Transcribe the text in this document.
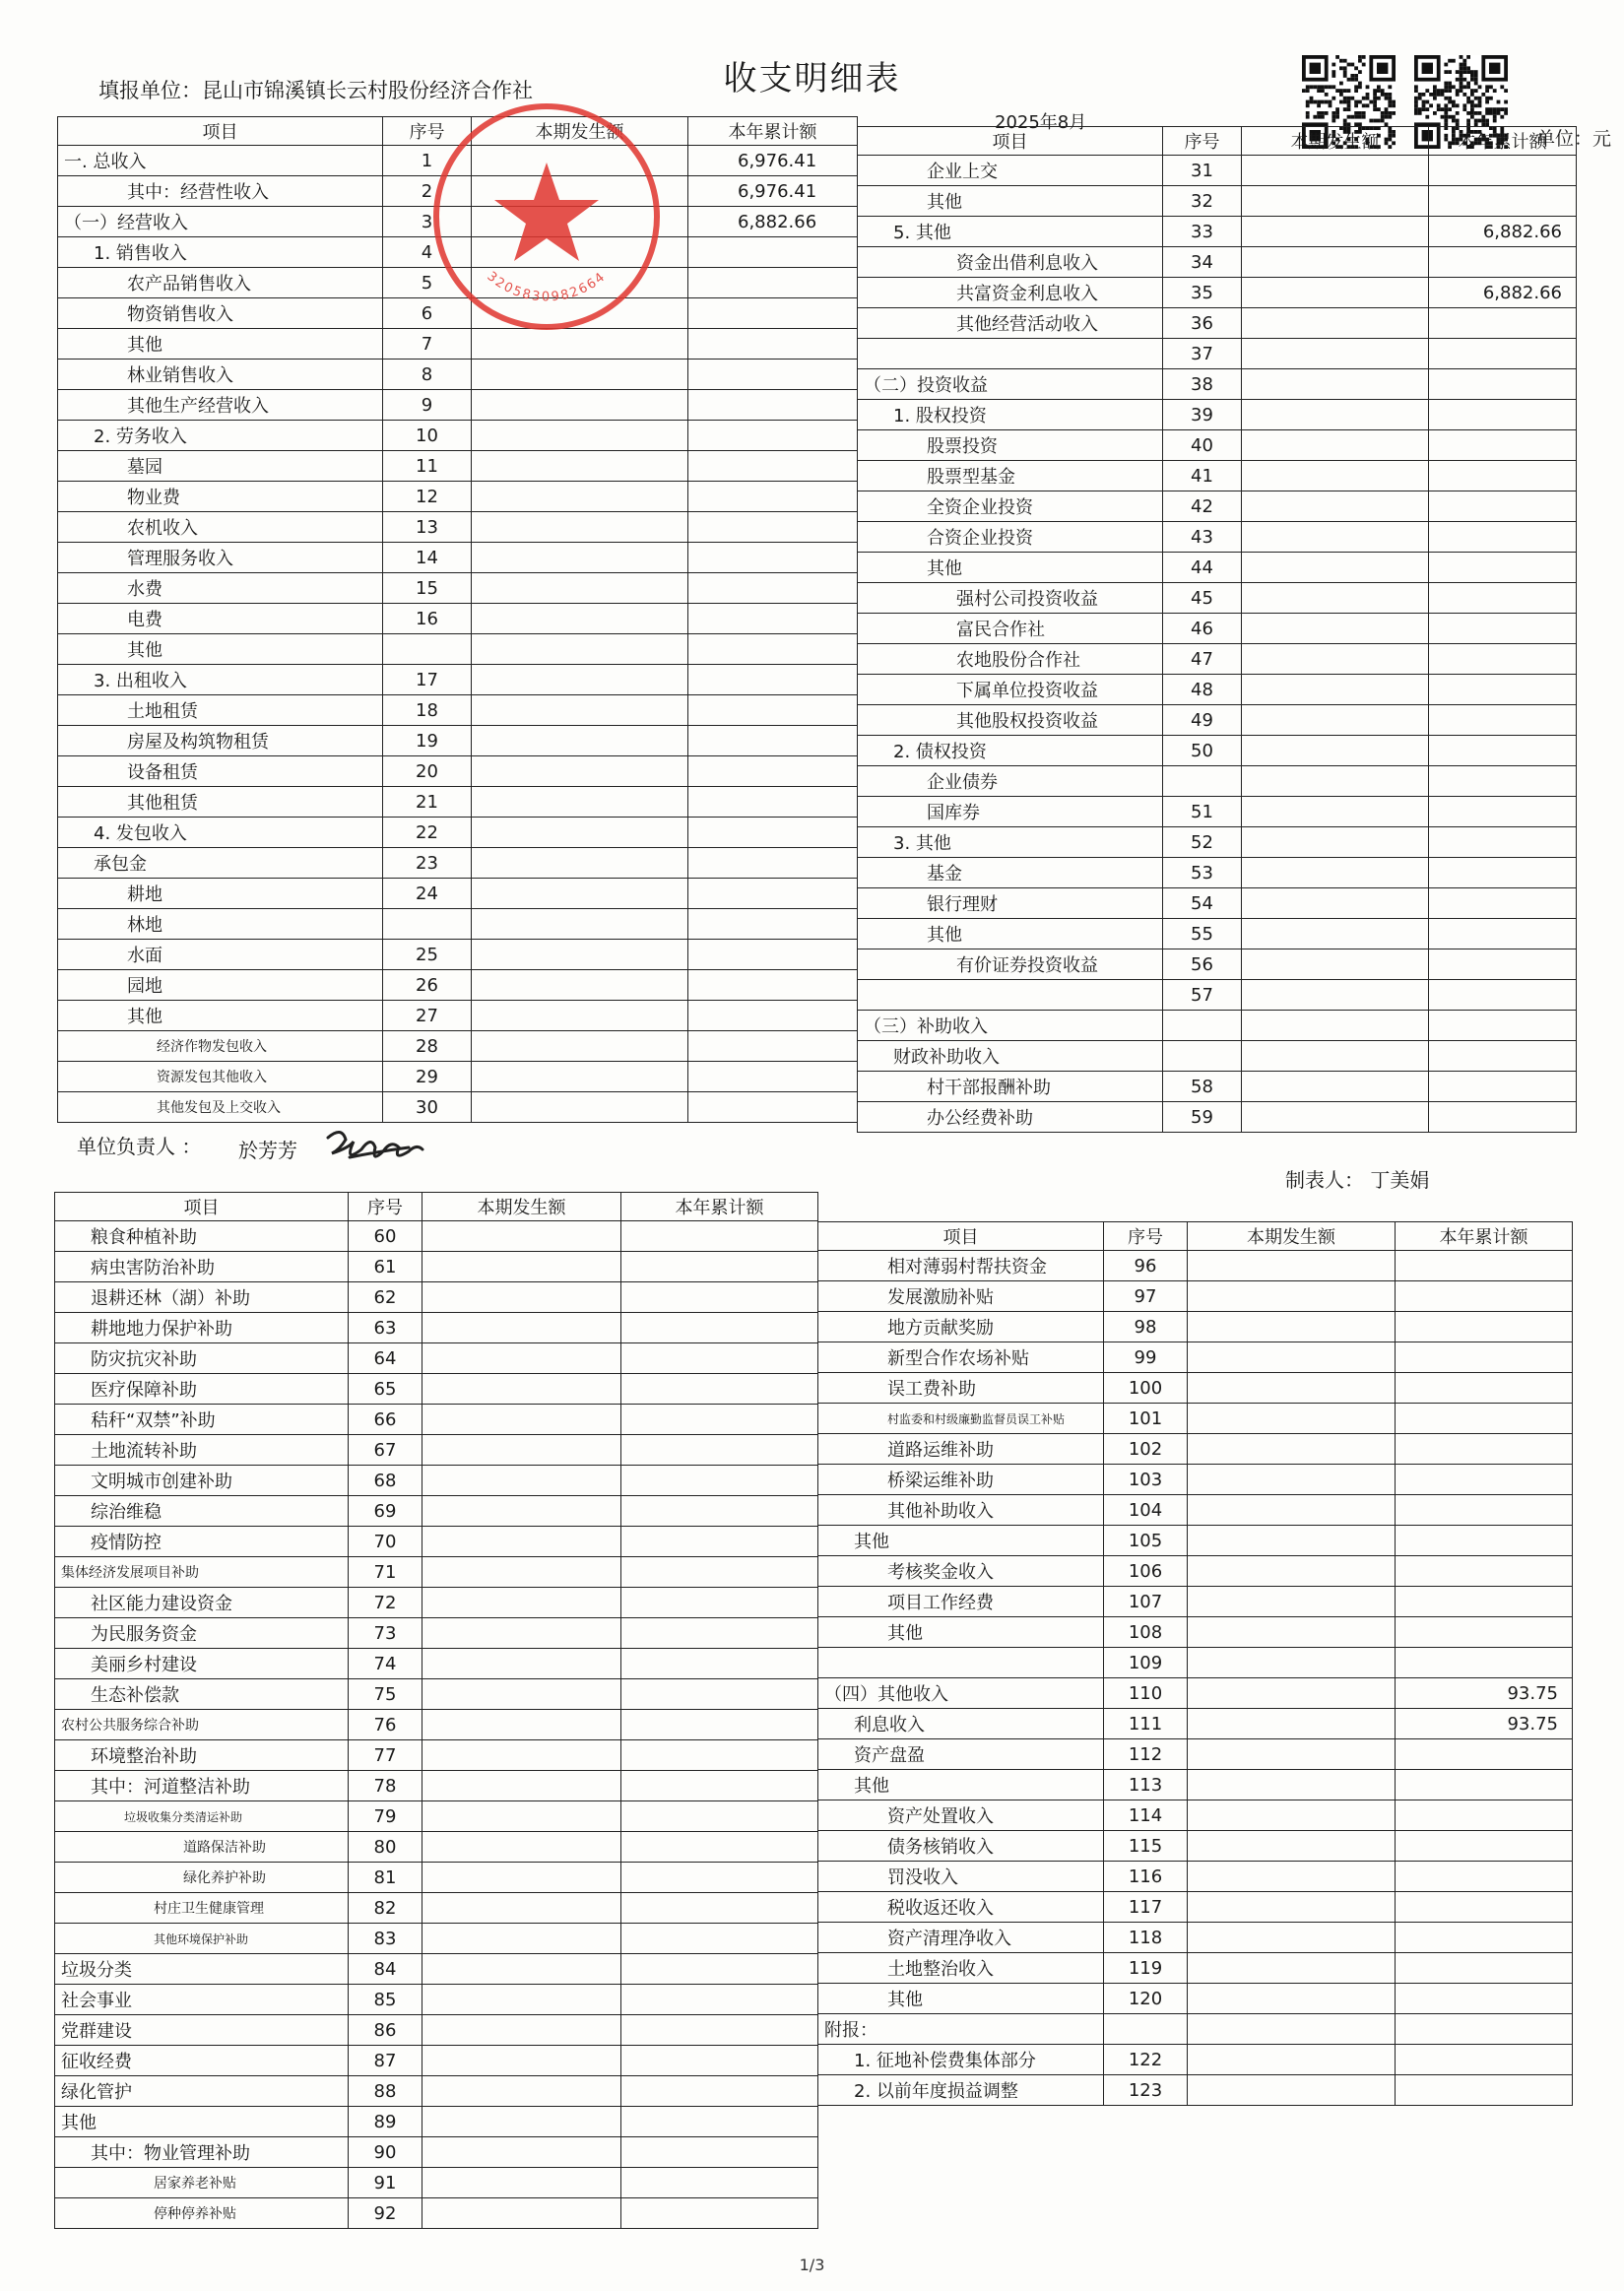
收支明细表
填报单位：昆山市锦溪镇长云村股份经济合作社
2025年8月
单位：元
项目	序号	本期发生额	本年累计额
一. 总收入	1		6,976.41
其中：经营性收入	2		6,976.41
（一）经营收入	3		6,882.66
1. 销售收入	4		
农产品销售收入	5		
物资销售收入	6		
其他	7		
林业销售收入	8		
其他生产经营收入	9		
2. 劳务收入	10		
墓园	11		
物业费	12		
农机收入	13		
管理服务收入	14		
水费	15		
电费	16		
其他			
3. 出租收入	17		
土地租赁	18		
房屋及构筑物租赁	19		
设备租赁	20		
其他租赁	21		
4. 发包收入	22		
承包金	23		
耕地	24		
林地			
水面	25		
园地	26		
其他	27		
经济作物发包收入	28		
资源发包其他收入	29		
其他发包及上交收入	30		
项目	序号	本期发生额	本年累计额
企业上交	31		
其他	32		
5. 其他	33		6,882.66
资金出借利息收入	34		
共富资金利息收入	35		6,882.66
其他经营活动收入	36		
	37		
（二）投资收益	38		
1. 股权投资	39		
股票投资	40		
股票型基金	41		
全资企业投资	42		
合资企业投资	43		
其他	44		
强村公司投资收益	45		
富民合作社	46		
农地股份合作社	47		
下属单位投资收益	48		
其他股权投资收益	49		
2. 债权投资	50		
企业债券			
国库券	51		
3. 其他	52		
基金	53		
银行理财	54		
其他	55		
有价证券投资收益	56		
	57		
（三）补助收入			
财政补助收入			
村干部报酬补助	58		
办公经费补助	59		
单位负责人 ： 於芳芳
制表人： 丁美娟
项目	序号	本期发生额	本年累计额
粮食种植补助	60		
病虫害防治补助	61		
退耕还林（湖）补助	62		
耕地地力保护补助	63		
防灾抗灾补助	64		
医疗保障补助	65		
秸秆“双禁”补助	66		
土地流转补助	67		
文明城市创建补助	68		
综治维稳	69		
疫情防控	70		
集体经济发展项目补助	71		
社区能力建设资金	72		
为民服务资金	73		
美丽乡村建设	74		
生态补偿款	75		
农村公共服务综合补助	76		
环境整治补助	77		
其中：河道整洁补助	78		
垃圾收集分类清运补助	79		
道路保洁补助	80		
绿化养护补助	81		
村庄卫生健康管理	82		
其他环境保护补助	83		
垃圾分类	84		
社会事业	85		
党群建设	86		
征收经费	87		
绿化管护	88		
其他	89		
其中：物业管理补助	90		
居家养老补贴	91		
停种停养补贴	92		
项目	序号	本期发生额	本年累计额
相对薄弱村帮扶资金	96		
发展激励补贴	97		
地方贡献奖励	98		
新型合作农场补贴	99		
误工费补助	100		
村监委和村级廉勤监督员误工补贴	101		
道路运维补助	102		
桥梁运维补助	103		
其他补助收入	104		
其他	105		
考核奖金收入	106		
项目工作经费	107		
其他	108		
	109		
（四）其他收入	110		93.75
利息收入	111		93.75
资产盘盈	112		
其他	113		
资产处置收入	114		
债务核销收入	115		
罚没收入	116		
税收返还收入	117		
资产清理净收入	118		
土地整治收入	119		
其他	120		
附报：			
1. 征地补偿费集体部分	122		
2. 以前年度损益调整	123		
3205830982664
1/3
